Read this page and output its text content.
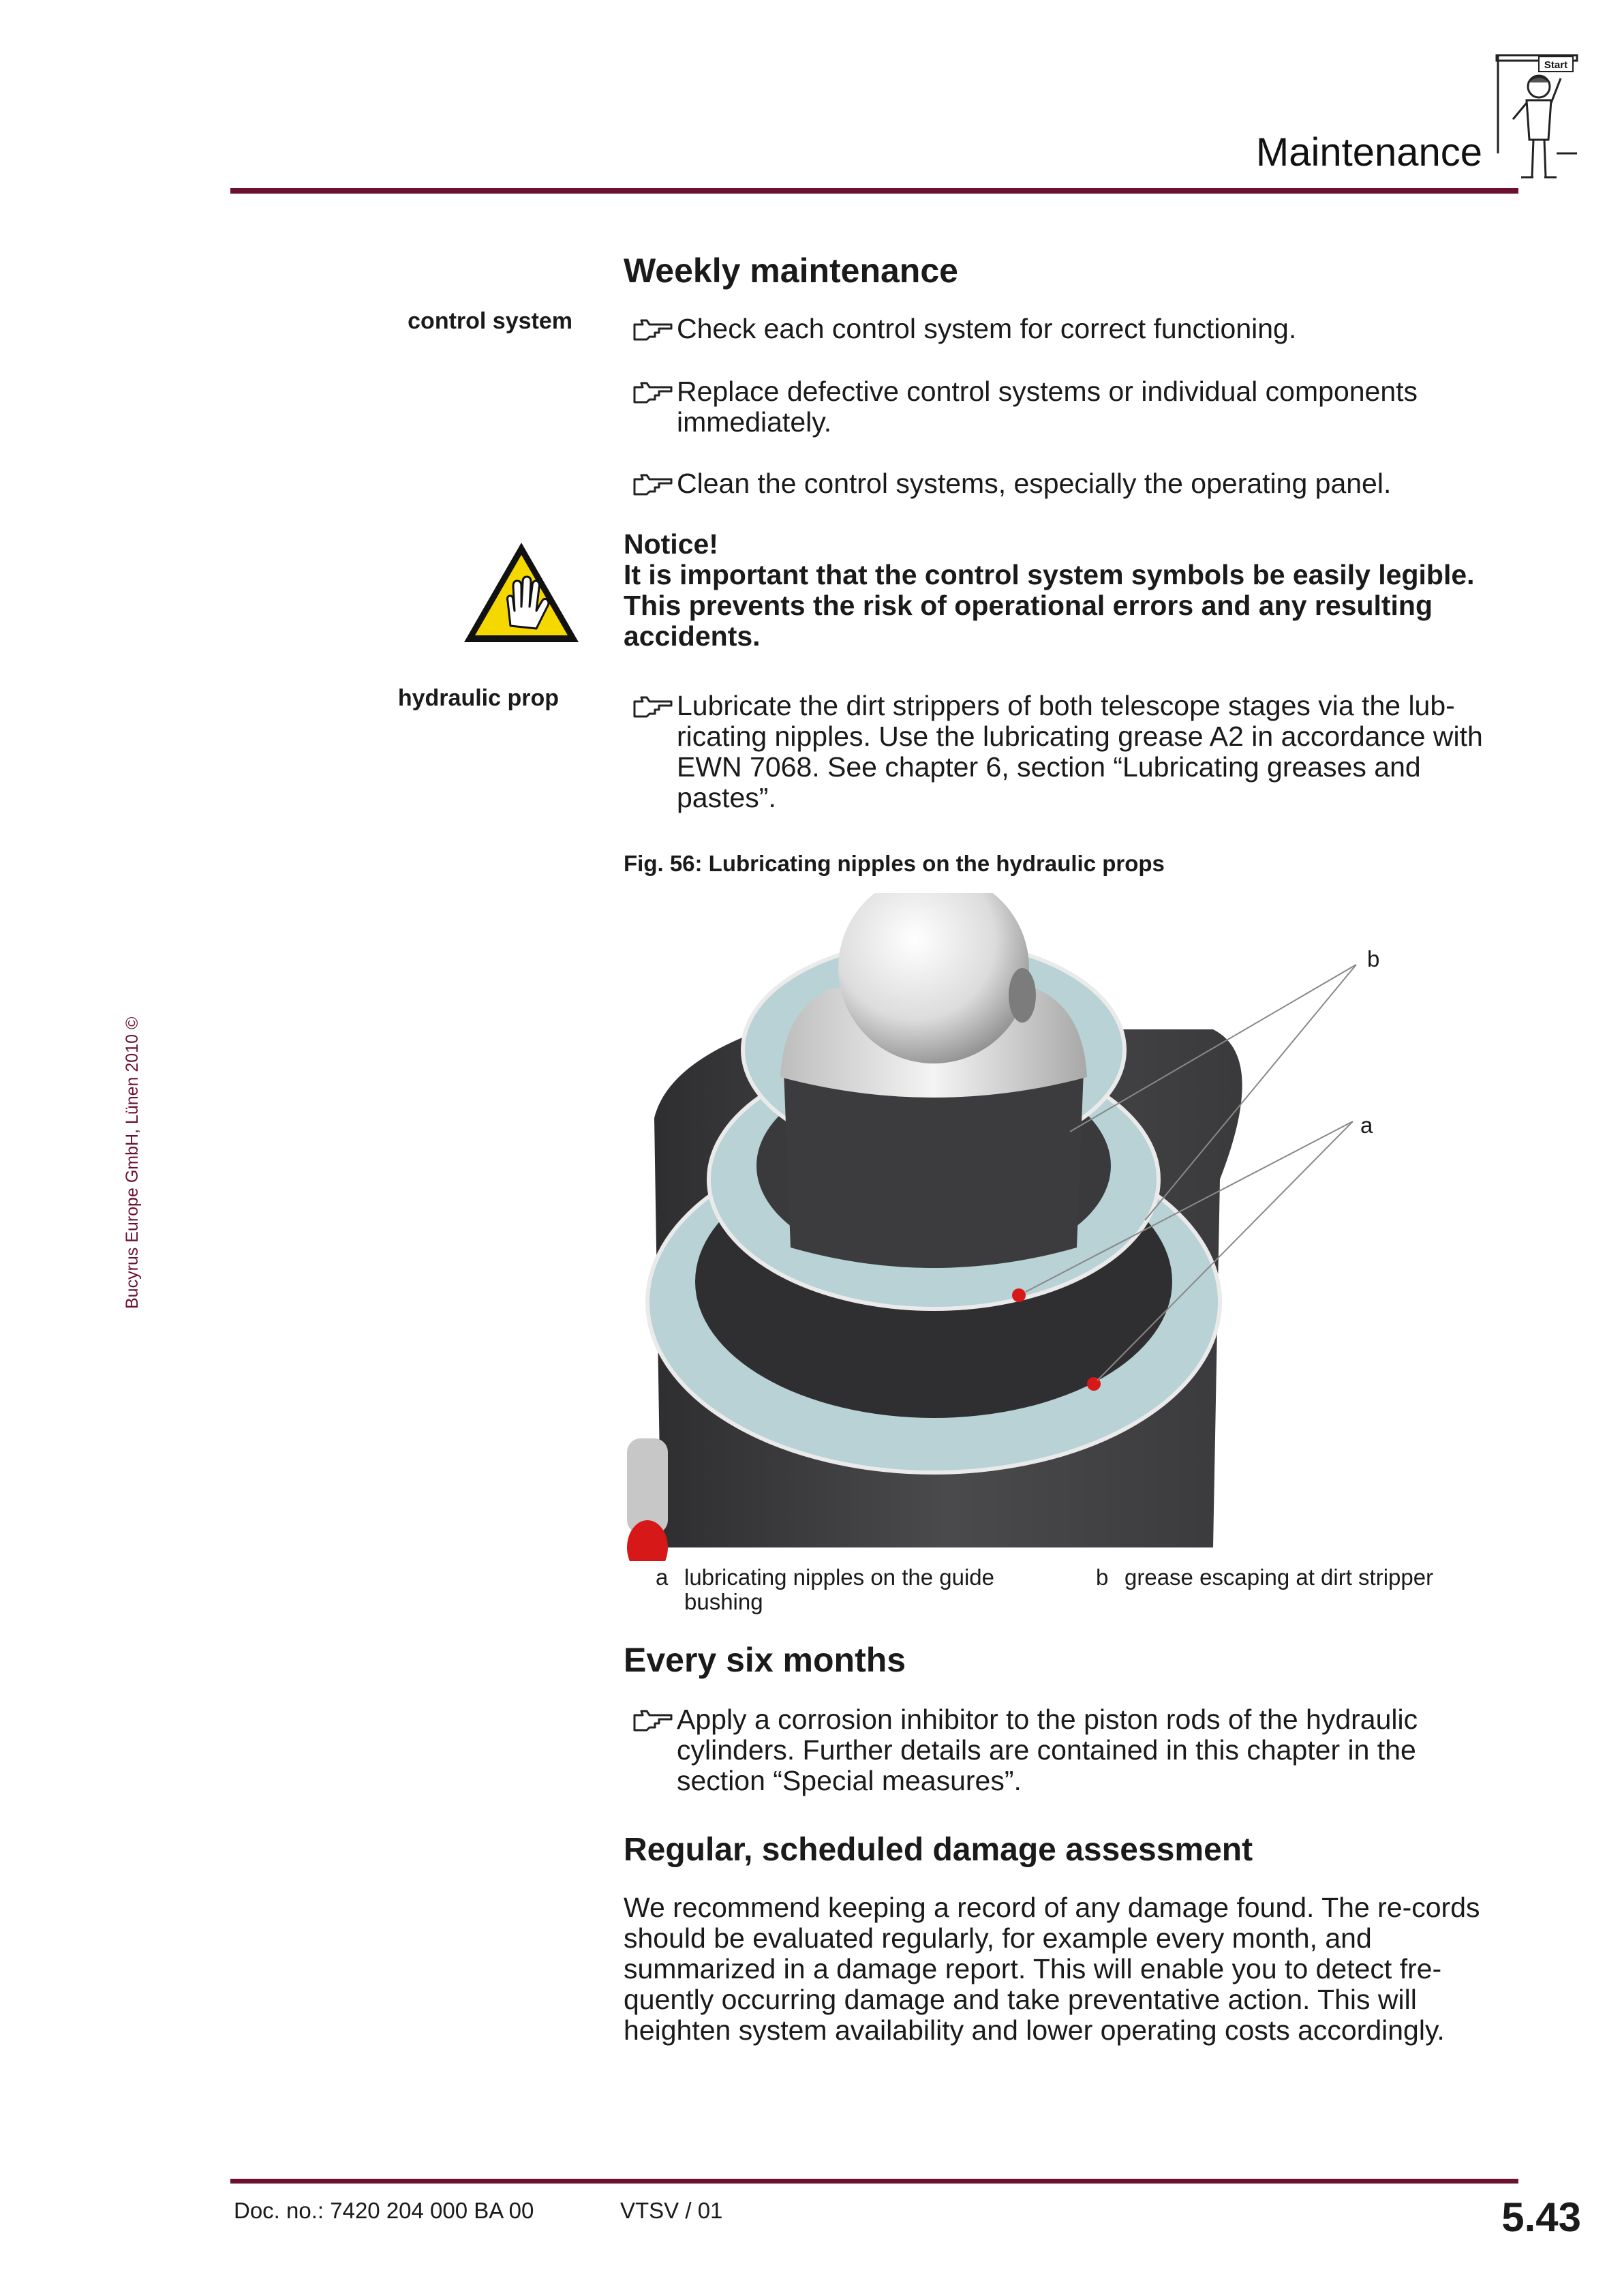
Maintenance
Start
Bucyrus Europe GmbH, Lünen 2010 ©
Weekly maintenance
control system	Check each control system for correct functioning.
Replace defective control systems or individual components immediately.
Clean the control systems, especially the operating panel.
Notice!
It is important that the control system symbols be easily legible. This prevents the risk of operational errors and any resulting accidents.
hydraulic prop	Lubricate the dirt strippers of both telescope stages via the lub-ricating nipples. Use the lubricating grease A2 in accordance with EWN 7068. See chapter 6, section “Lubricating greases and pastes”.
Fig. 56: Lubricating nipples on the hydraulic props
b
a
a lubricating nipples on the guide bushing
b grease escaping at dirt stripper
Every six months
Apply a corrosion inhibitor to the piston rods of the hydraulic cylinders. Further details are contained in this chapter in the section “Special measures”.
Regular, scheduled damage assessment
We recommend keeping a record of any damage found. The re-cords should be evaluated regularly, for example every month, and summarized in a damage report. This will enable you to detect fre-quently occurring damage and take preventative action. This will heighten system availability and lower operating costs accordingly.
Doc. no.: 7420 204 000 BA 00	VTSV / 01	5.43
